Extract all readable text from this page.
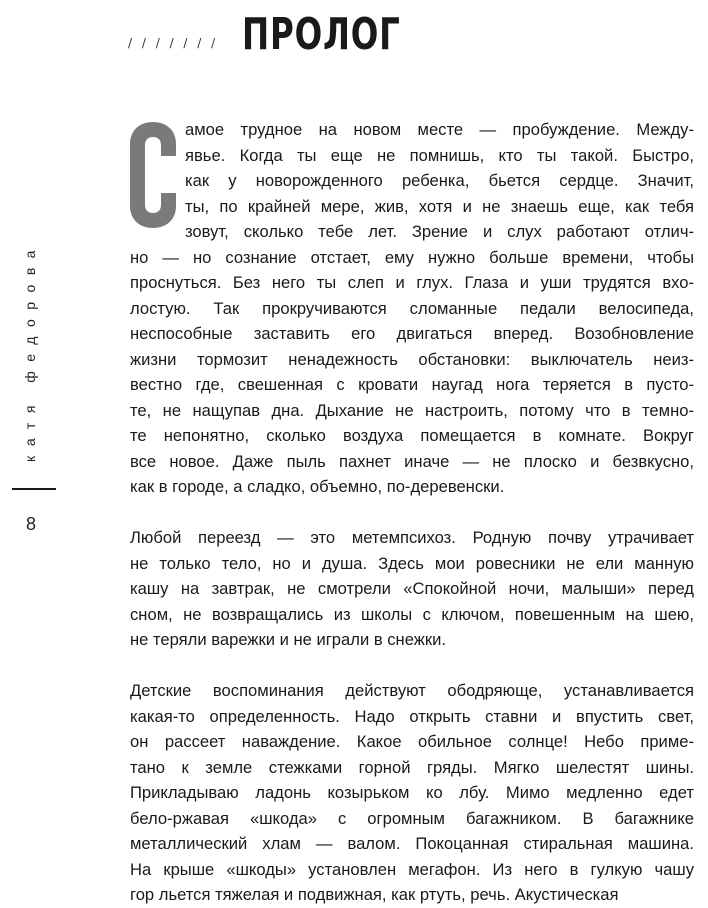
/ / / / / / / ПРОЛОГ
катя федорова
8
амое трудное на новом месте — пробуждение. Между-
явье. Когда ты еще не помнишь, кто ты такой. Быстро,
как у новорожденного ребенка, бьется сердце. Значит,
ты, по крайней мере, жив, хотя и не знаешь еще, как тебя
зовут, сколько тебе лет. Зрение и слух работают отлич-
но — но сознание отстает, ему нужно больше времени, чтобы
проснуться. Без него ты слеп и глух. Глаза и уши трудятся вхо-
лостую. Так прокручиваются сломанные педали велосипеда,
неспособные заставить его двигаться вперед. Возобновление
жизни тормозит ненадежность обстановки: выключатель неиз-
вестно где, свешенная с кровати наугад нога теряется в пусто-
те, не нащупав дна. Дыхание не настроить, потому что в темно-
те непонятно, сколько воздуха помещается в комнате. Вокруг
все новое. Даже пыль пахнет иначе — не плоско и безвкусно,
как в городе, а сладко, объемно, по-деревенски.
Любой переезд — это метемпсихоз. Родную почву утрачивает
не только тело, но и душа. Здесь мои ровесники не ели манную
кашу на завтрак, не смотрели «Спокойной ночи, малыши» перед
сном, не возвращались из школы с ключом, повешенным на шею,
не теряли варежки и не играли в снежки.
Детские воспоминания действуют ободряюще, устанавливается
какая-то определенность. Надо открыть ставни и впустить свет,
он рассеет наваждение. Какое обильное солнце! Небо приме-
тано к земле стежками горной гряды. Мягко шелестят шины.
Прикладываю ладонь козырьком ко лбу. Мимо медленно едет
бело-ржавая «шкода» с огромным багажником. В багажнике
металлический хлам — валом. Покоцанная стиральная машина.
На крыше «шкоды» установлен мегафон. Из него в гулкую чашу
гор льется тяжелая и подвижная, как ртуть, речь. Акустическая
